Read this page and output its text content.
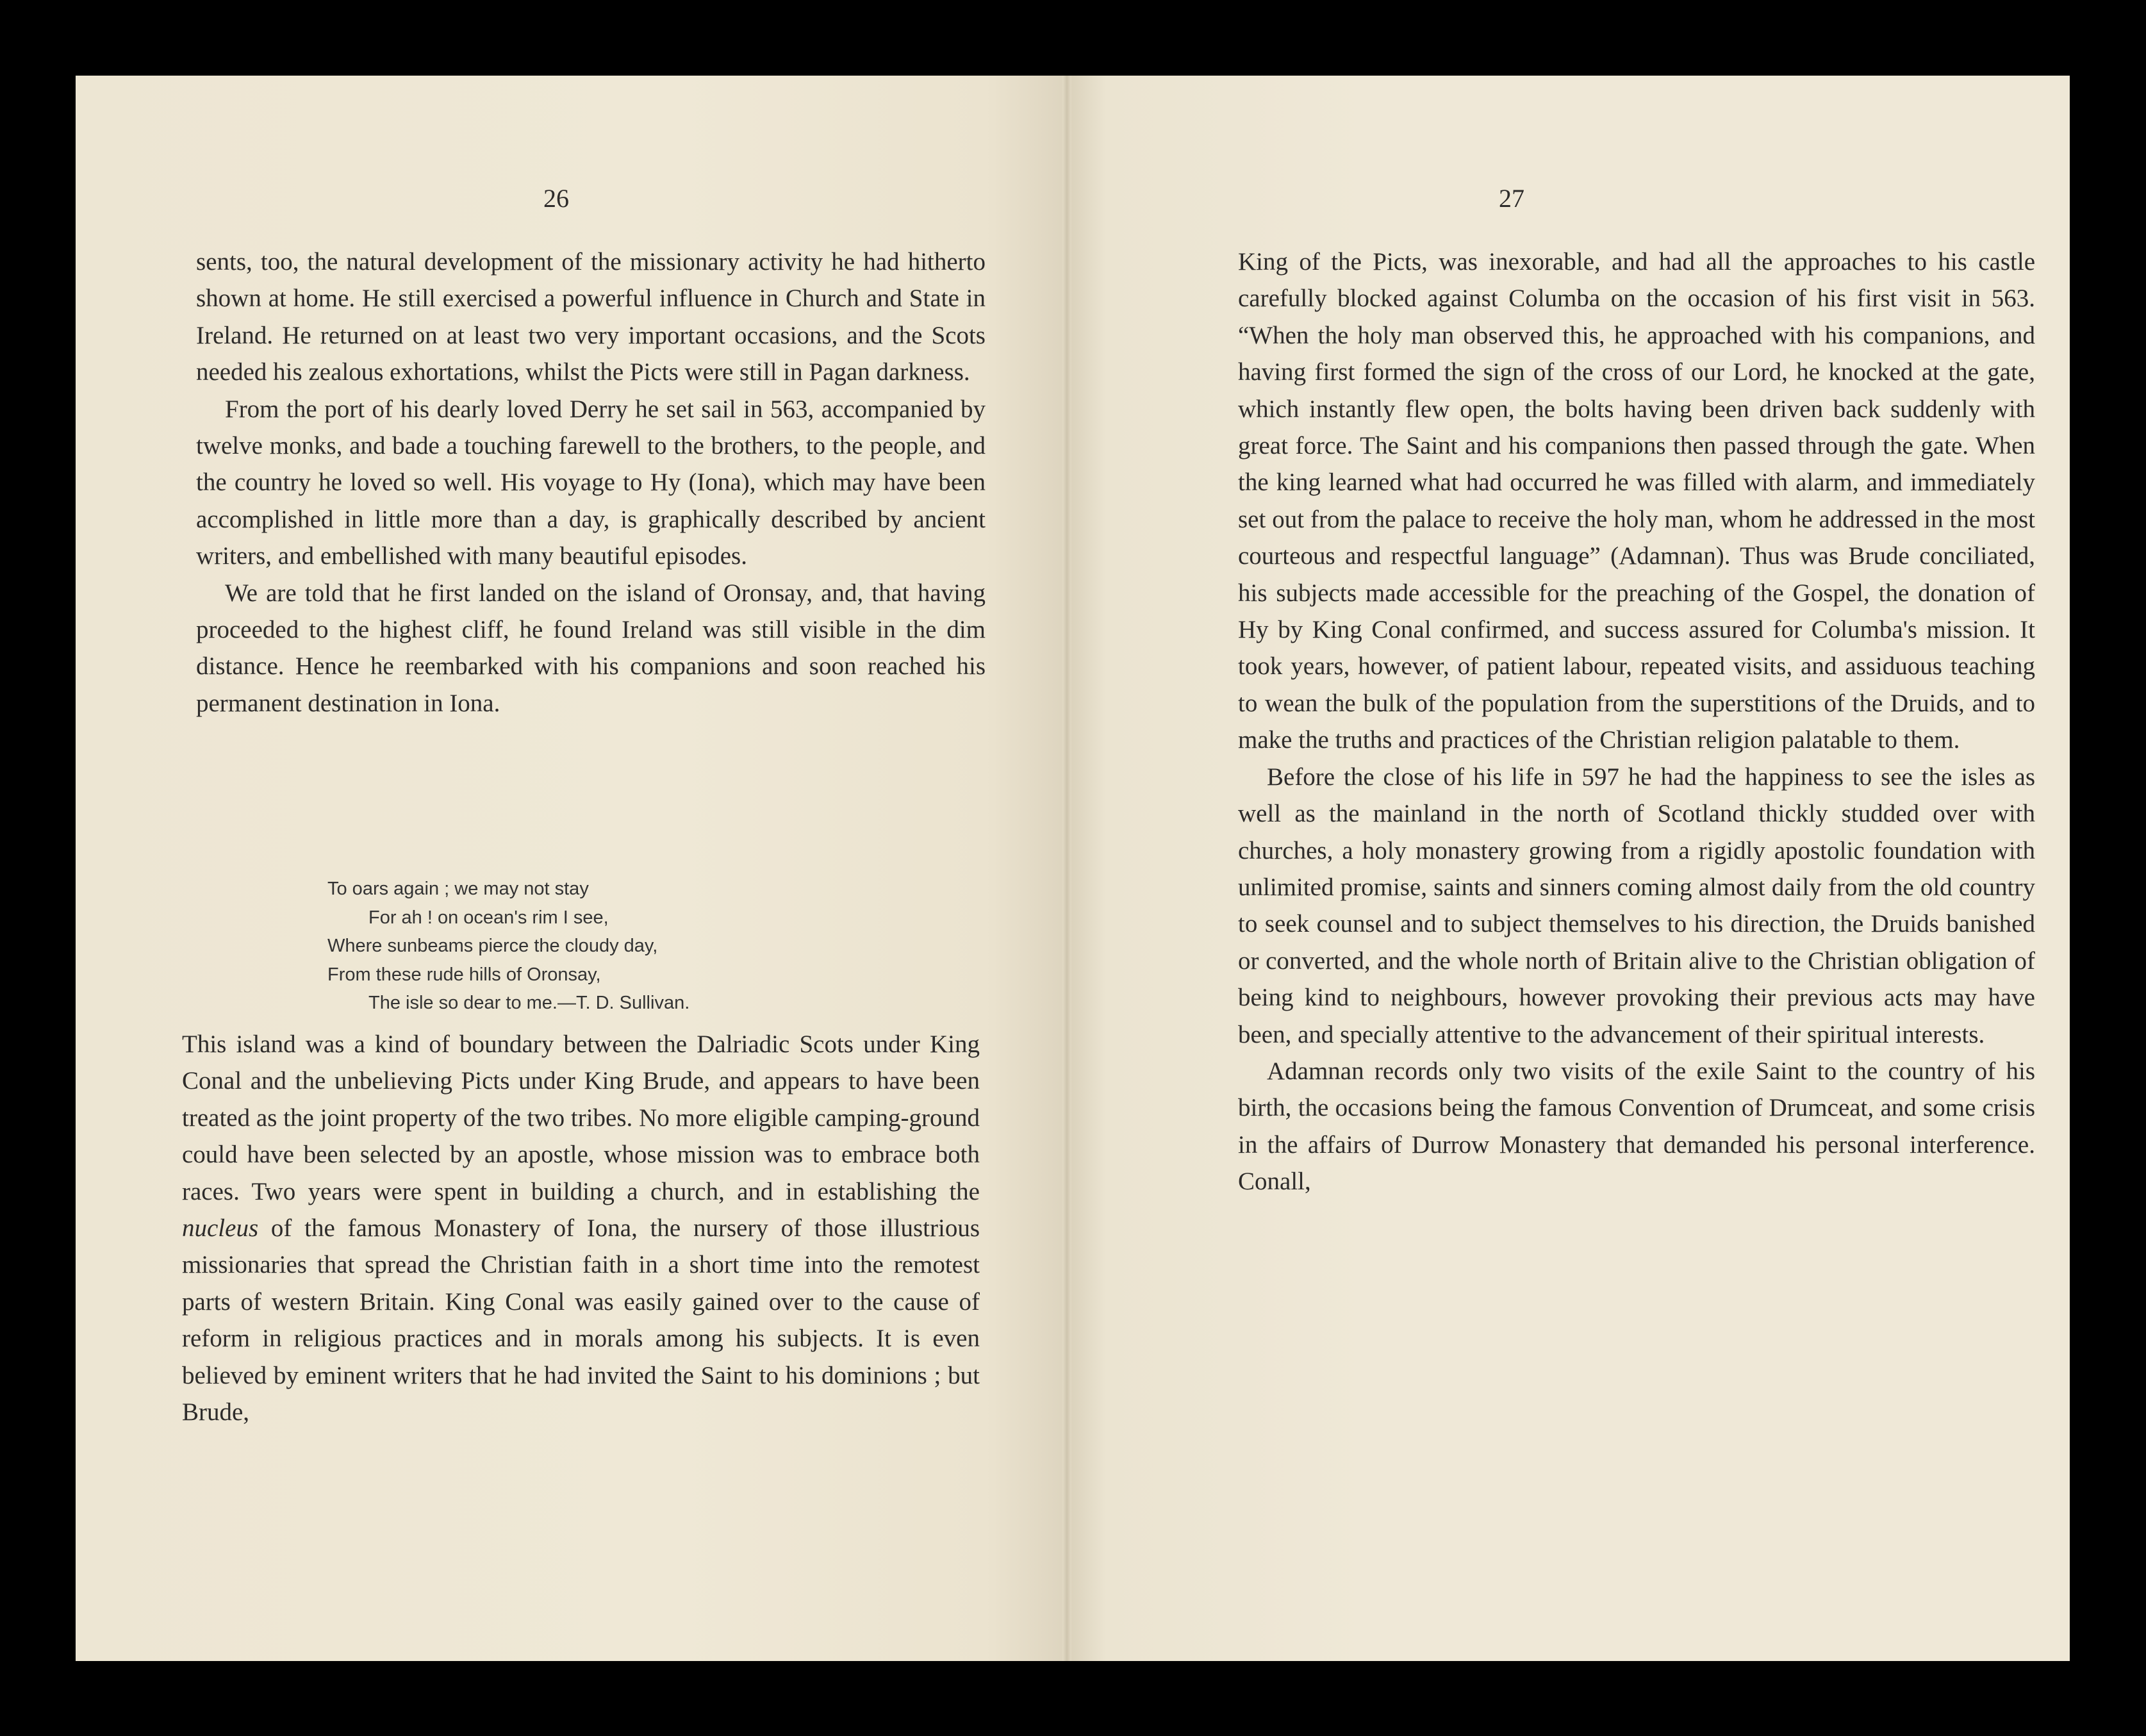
26

sents, too, the natural development of the missionary activity he had hitherto shown at home. He still exercised a powerful influence in Church and State in Ireland. He returned on at least two very important occasions, and the Scots needed his zealous exhortations, whilst the Picts were still in Pagan darkness.

From the port of his dearly loved Derry he set sail in 563, accompanied by twelve monks, and bade a touching farewell to the brothers, to the people, and the country he loved so well. His voyage to Hy (Iona), which may have been accomplished in little more than a day, is graphically described by ancient writers, and embellished with many beautiful episodes.

We are told that he first landed on the island of Oronsay, and, that having proceeded to the highest cliff, he found Ireland was still visible in the dim distance. Hence he reembarked with his companions and soon reached his permanent destination in Iona.

To oars again ; we may not stay
For ah ! on ocean's rim I see,
Where sunbeams pierce the cloudy day,
From these rude hills of Oronsay,
The isle so dear to me.—T. D. Sullivan.

This island was a kind of boundary between the Dalriadic Scots under King Conal and the unbelieving Picts under King Brude, and appears to have been treated as the joint property of the two tribes. No more eligible camping-ground could have been selected by an apostle, whose mission was to embrace both races. Two years were spent in building a church, and in establishing the nucleus of the famous Monastery of Iona, the nursery of those illustrious missionaries that spread the Christian faith in a short time into the remotest parts of western Britain. King Conal was easily gained over to the cause of reform in religious practices and in morals among his subjects. It is even believed by eminent writers that he had invited the Saint to his dominions ; but Brude,

27

King of the Picts, was inexorable, and had all the approaches to his castle carefully blocked against Columba on the occasion of his first visit in 563. “When the holy man observed this, he approached with his companions, and having first formed the sign of the cross of our Lord, he knocked at the gate, which instantly flew open, the bolts having been driven back suddenly with great force. The Saint and his companions then passed through the gate. When the king learned what had occurred he was filled with alarm, and immediately set out from the palace to receive the holy man, whom he addressed in the most courteous and respectful language” (Adamnan). Thus was Brude conciliated, his subjects made accessible for the preaching of the Gospel, the donation of Hy by King Conal confirmed, and success assured for Columba's mission. It took years, however, of patient labour, repeated visits, and assiduous teaching to wean the bulk of the population from the superstitions of the Druids, and to make the truths and practices of the Christian religion palatable to them.

Before the close of his life in 597 he had the happiness to see the isles as well as the mainland in the north of Scotland thickly studded over with churches, a holy monastery growing from a rigidly apostolic foundation with unlimited promise, saints and sinners coming almost daily from the old country to seek counsel and to subject themselves to his direction, the Druids banished or converted, and the whole north of Britain alive to the Christian obligation of being kind to neighbours, however provoking their previous acts may have been, and specially attentive to the advancement of their spiritual interests.

Adamnan records only two visits of the exile Saint to the country of his birth, the occasions being the famous Convention of Drumceat, and some crisis in the affairs of Durrow Monastery that demanded his personal interference. Conall,
